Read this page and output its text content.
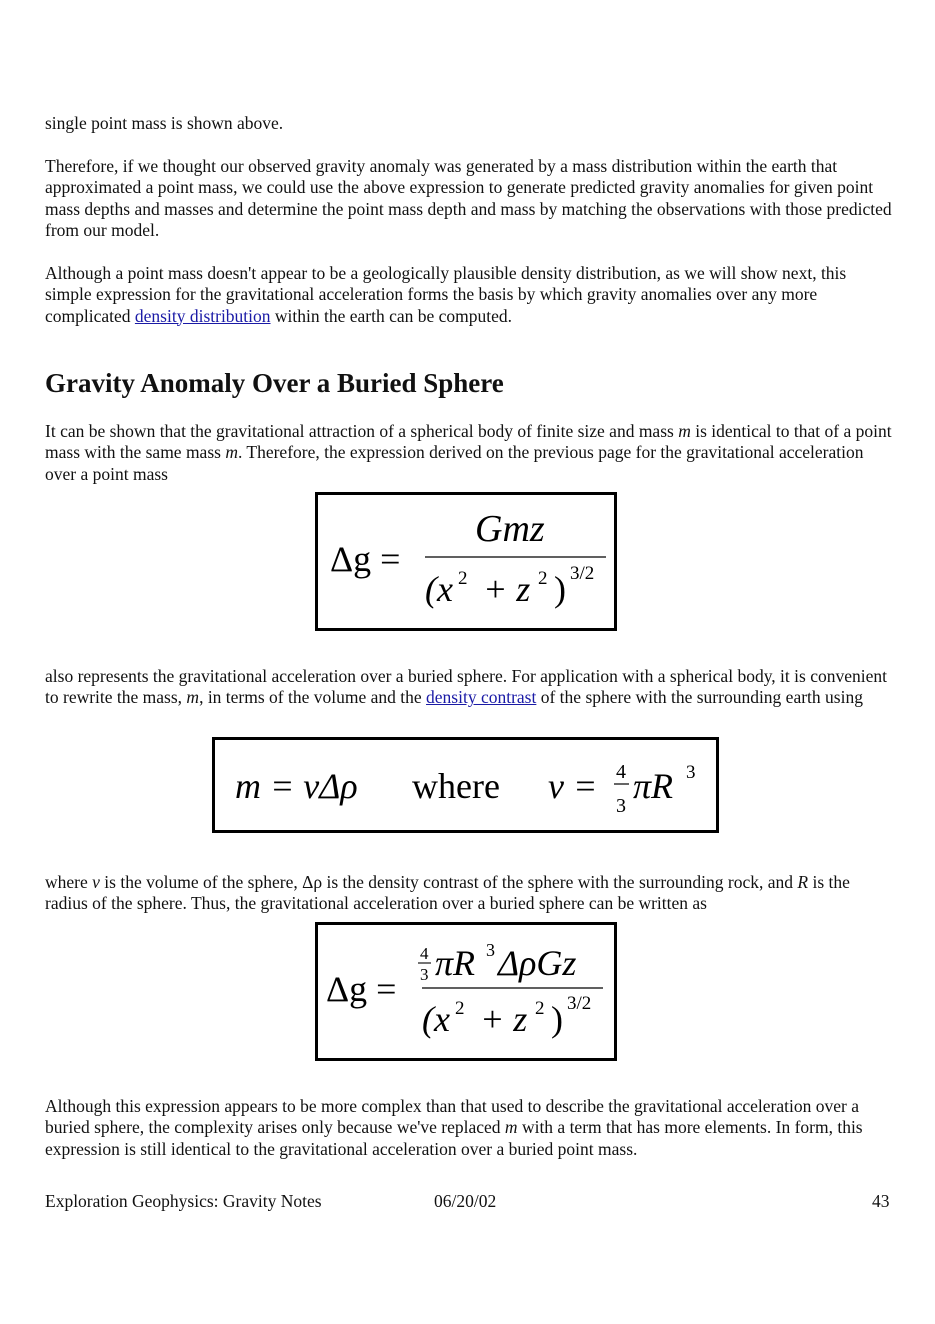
single point mass is shown above.

Therefore, if we thought our observed gravity anomaly was generated by a mass distribution within the earth that approximated a point mass, we could use the above expression to generate predicted gravity anomalies for given point mass depths and masses and determine the point mass depth and mass by matching the observations with those predicted from our model.

Although a point mass doesn't appear to be a geologically plausible density distribution, as we will show next, this simple expression for the gravitational acceleration forms the basis by which gravity anomalies over any more complicated density distribution within the earth can be computed.

Gravity Anomaly Over a Buried Sphere

It can be shown that the gravitational attraction of a spherical body of finite size and mass m is identical to that of a point mass with the same mass m. Therefore, the expression derived on the previous page for the gravitational acceleration over a point mass

Δg =
Gmz
(x 2 + z 2 ) 3/2

also represents the gravitational acceleration over a buried sphere. For application with a spherical body, it is convenient to rewrite the mass, m, in terms of the volume and the density contrast of the sphere with the surrounding earth using

m = vΔρ where v = 4
3 πR 3

where v is the volume of the sphere, Δρ is the density contrast of the sphere with the surrounding rock, and R is the radius of the sphere. Thus, the gravitational acceleration over a buried sphere can be written as

Δg =
4
3 πR 3 ΔρGz
(x 2 + z 2 ) 3/2

Although this expression appears to be more complex than that used to describe the gravitational acceleration over a buried sphere, the complexity arises only because we've replaced m with a term that has more elements. In form, this expression is still identical to the gravitational acceleration over a buried point mass.

Exploration Geophysics: Gravity Notes	06/20/02	43
